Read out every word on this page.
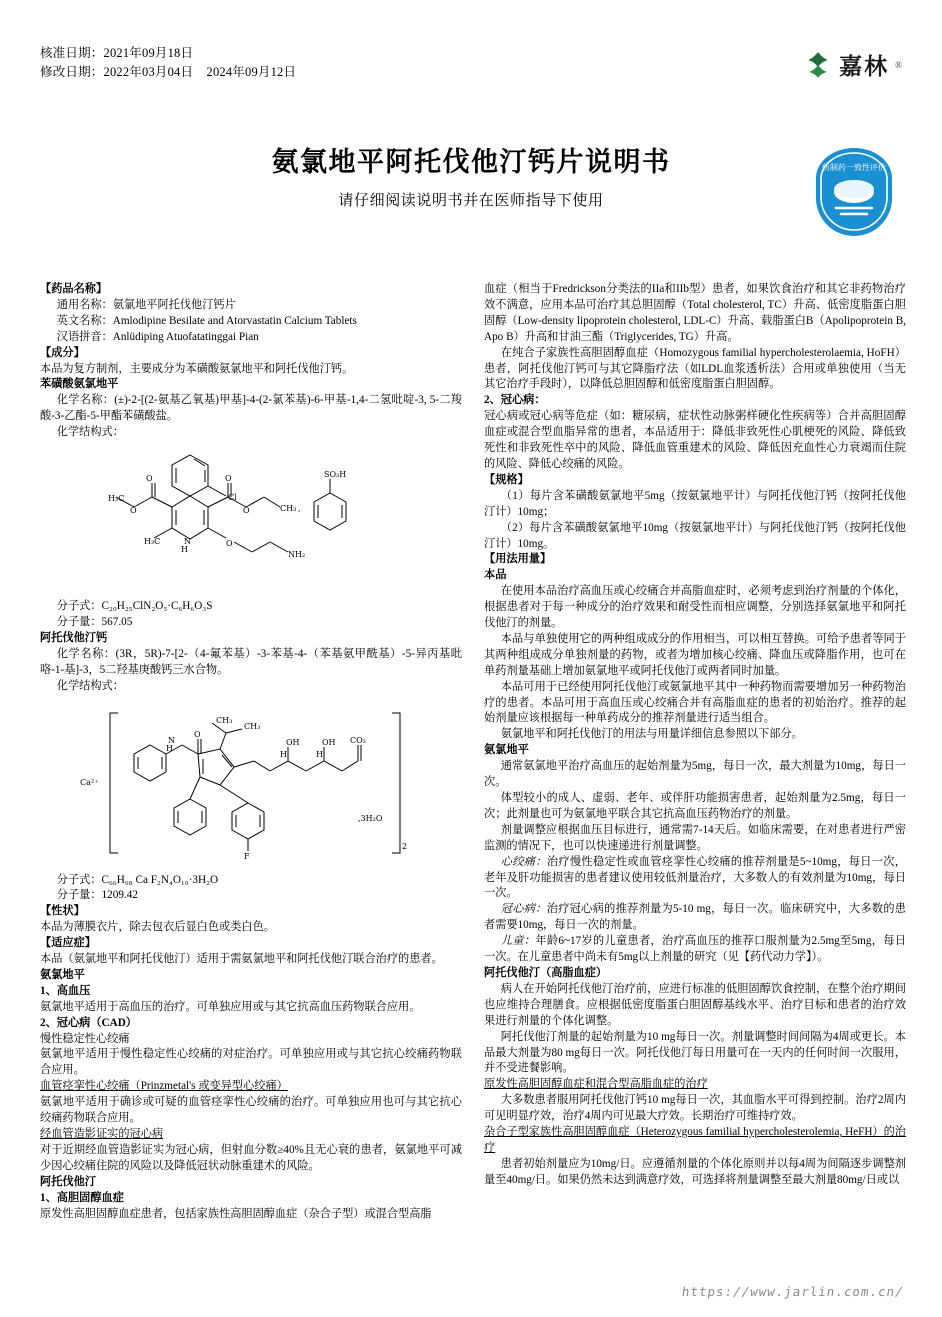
核准日期：2021年09月18日
修改日期：2022年03月04日    2024年09月12日	嘉林 ®
氨氯地平阿托伐他汀钙片说明书
请仔细阅读说明书并在医师指导下使用
仿制药一致性评价

【药品名称】

通用名称：氨氯地平阿托伐他汀钙片

英文名称：Amlodipine Besilate and Atorvastatin Calcium Tablets

汉语拼音：Anlüdiping Atuofatatinggai Pian

【成分】

本品为复方制剂，主要成分为苯磺酸氨氯地平和阿托伐他汀钙。

苯磺酸氨氯地平

化学名称：(±)-2-[(2-氨基乙氧基)甲基]-4-(2-氯苯基)-6-甲基-1,4-二氢吡啶-3, 5-二羧酸-3-乙酯-5-甲酯苯磺酸盐。

化学结构式：

Cl
O
O
H₃C
O
O	CH₃
H₃C	N
H
O
NH₂
SO₃H
,

分子式：C₂₀H₂₅ClN₂O₅·C₆H₆O₃S

分子量：567.05

阿托伐他汀钙

化学名称：(3R，5R)-7-[2-（4-氟苯基）-3-苯基-4-（苯基氨甲酰基）-5-异丙基吡咯-1-基]-3，5二羟基庚酸钙三水合物。

化学结构式：

Ca²⁺
N
H
O
CH₃
CH₃
H
OH
H
OH CO₂
F
2
,3H₂O

分子式：C₆₆H₆₈ Ca F₂N₄O₁₀·3H₂O

分子量：1209.42

【性状】

本品为薄膜衣片，除去包衣后显白色或类白色。

【适应症】

本品（氨氯地平和阿托伐他汀）适用于需氨氯地平和阿托伐他汀联合治疗的患者。

氨氯地平

1、高血压

氨氯地平适用于高血压的治疗。可单独应用或与其它抗高血压药物联合应用。

2、冠心病（CAD）

慢性稳定性心绞痛

氨氯地平适用于慢性稳定性心绞痛的对症治疗。可单独应用或与其它抗心绞痛药物联合应用。

血管痉挛性心绞痛（Prinzmetal's 或变异型心绞痛）

氨氯地平适用于确诊或可疑的血管痉挛性心绞痛的治疗。可单独应用也可与其它抗心绞痛药物联合应用。

经血管造影证实的冠心病

对于近期经血管造影证实为冠心病，但射血分数≥40%且无心衰的患者，氨氯地平可减少因心绞痛住院的风险以及降低冠状动脉重建术的风险。

阿托伐他汀

1、高胆固醇血症

原发性高胆固醇血症患者，包括家族性高胆固醇血症（杂合子型）或混合型高脂

血症（相当于Fredrickson分类法的IIa和IIb型）患者，如果饮食治疗和其它非药物治疗效不满意，应用本品可治疗其总胆固醇（Total cholesterol, TC）升高、低密度脂蛋白胆固醇（Low-density lipoprotein cholesterol, LDL-C）升高、载脂蛋白B（Apolipoprotein B, Apo B）升高和甘油三酯（Triglycerides, TG）升高。

在纯合子家族性高胆固醇血症（Homozygous familial hypercholesterolaemia, HoFH）患者，阿托伐他汀钙可与其它降脂疗法（如LDL血浆透析法）合用或单独使用（当无其它治疗手段时），以降低总胆固醇和低密度脂蛋白胆固醇。

2、冠心病：

冠心病或冠心病等危症（如：糖尿病，症状性动脉粥样硬化性疾病等）合并高胆固醇血症或混合型血脂异常的患者，本品适用于：降低非致死性心肌梗死的风险、降低致死性和非致死性卒中的风险、降低血管重建术的风险、降低因充血性心力衰竭而住院的风险、降低心绞痛的风险。

【规格】

（1）每片含苯磺酸氨氯地平5mg（按氨氯地平计）与阿托伐他汀钙（按阿托伐他汀计）10mg；

（2）每片含苯磺酸氨氯地平10mg（按氨氯地平计）与阿托伐他汀钙（按阿托伐他汀计）10mg。

【用法用量】

本品

在使用本品治疗高血压或心绞痛合并高脂血症时，必须考虑到治疗剂量的个体化，根据患者对于每一种成分的治疗效果和耐受性而相应调整，分别选择氨氯地平和阿托伐他汀的剂量。

本品与单独使用它的两种组成成分的作用相当，可以相互替换。可给予患者等同于其两种组成成分单独剂量的药物，或者为增加核心绞痛、降血压或降脂作用，也可在单药剂量基础上增加氨氯地平或阿托伐他汀或两者同时加量。

本品可用于已经使用阿托伐他汀或氨氯地平其中一种药物而需要增加另一种药物治疗的患者。本品可用于高血压或心绞痛合并有高脂血症的患者的初始治疗。推荐的起始剂量应该根据每一种单药成分的推荐剂量进行适当组合。

氨氯地平和阿托伐他汀的用法与用量详细信息参照以下部分。

氨氯地平

通常氨氯地平治疗高血压的起始剂量为5mg，每日一次，最大剂量为10mg，每日一次。

体型较小的成人、虚弱、老年、或伴肝功能损害患者，起始剂量为2.5mg，每日一次；此剂量也可为氨氯地平联合其它抗高血压药物治疗的剂量。

剂量调整应根据血压目标进行，通常需7-14天后。如临床需要，在对患者进行严密监测的情况下，也可以快速递进行剂量调整。

心绞痛：治疗慢性稳定性或血管痉挛性心绞痛的推荐剂量是5~10mg，每日一次，老年及肝功能损害的患者建议使用较低剂量治疗，大多数人的有效剂量为10mg，每日一次。

冠心病：治疗冠心病的推荐剂量为5-10 mg，每日一次。临床研究中，大多数的患者需要10mg，每日一次的剂量。

儿童：年龄6~17岁的儿童患者，治疗高血压的推荐口服剂量为2.5mg至5mg，每日一次。在儿童患者中尚未有5mg以上剂量的研究（见【药代动力学】）。

阿托伐他汀（高脂血症）

病人在开始阿托伐他汀治疗前，应进行标准的低胆固醇饮食控制，在整个治疗期间也应维持合理膳食。应根据低密度脂蛋白胆固醇基线水平、治疗目标和患者的治疗效果进行剂量的个体化调整。

阿托伐他汀剂量的起始剂量为10 mg每日一次。剂量调整时间间隔为4周或更长。本品最大剂量为80 mg每日一次。阿托伐他汀每日用量可在一天内的任何时间一次服用，并不受进餐影响。

原发性高胆固醇血症和混合型高脂血症的治疗

大多数患者服用阿托伐他汀钙10 mg每日一次，其血脂水平可得到控制。治疗2周内可见明显疗效，治疗4周内可见最大疗效。长期治疗可维持疗效。

杂合子型家族性高胆固醇血症（Heterozygous familial hypercholesterolemia, HeFH）的治疗

患者初始剂量应为10mg/日。应遵循剂量的个体化原则并以每4周为间隔逐步调整剂量至40mg/日。如果仍然未达到满意疗效，可选择将剂量调整至最大剂量80mg/日或以

https://www.jarlin.com.cn/
